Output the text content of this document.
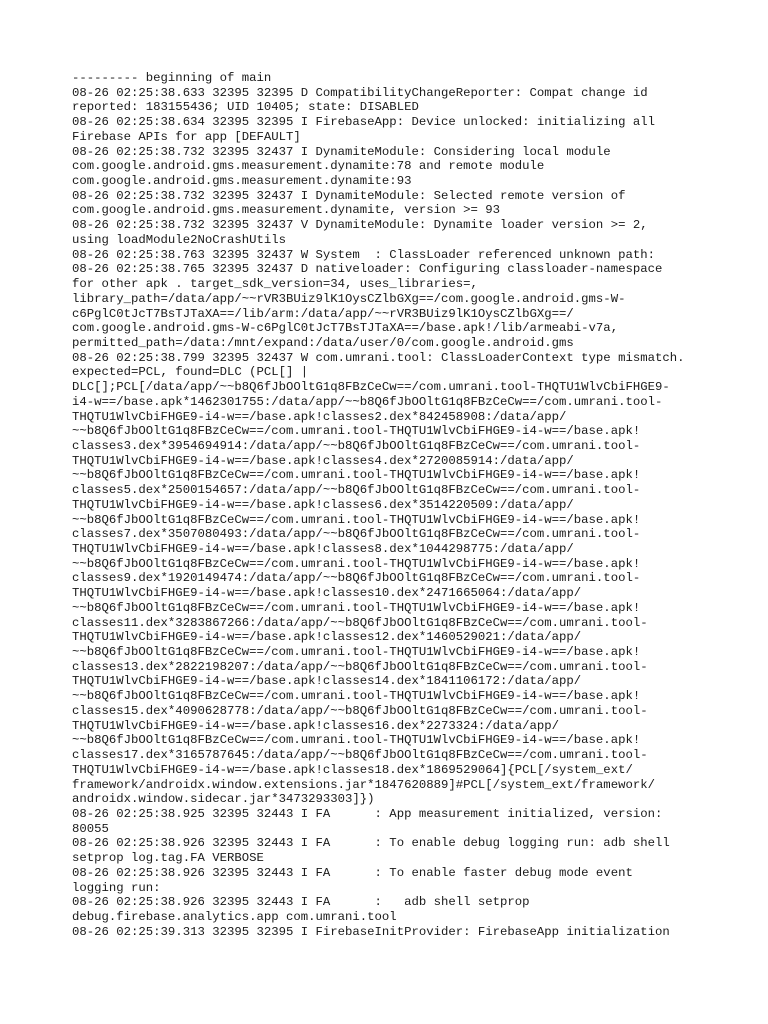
--------- beginning of main
08-26 02:25:38.633 32395 32395 D CompatibilityChangeReporter: Compat change id
reported: 183155436; UID 10405; state: DISABLED
08-26 02:25:38.634 32395 32395 I FirebaseApp: Device unlocked: initializing all
Firebase APIs for app [DEFAULT]
08-26 02:25:38.732 32395 32437 I DynamiteModule: Considering local module
com.google.android.gms.measurement.dynamite:78 and remote module
com.google.android.gms.measurement.dynamite:93
08-26 02:25:38.732 32395 32437 I DynamiteModule: Selected remote version of
com.google.android.gms.measurement.dynamite, version >= 93
08-26 02:25:38.732 32395 32437 V DynamiteModule: Dynamite loader version >= 2,
using loadModule2NoCrashUtils
08-26 02:25:38.763 32395 32437 W System  : ClassLoader referenced unknown path:
08-26 02:25:38.765 32395 32437 D nativeloader: Configuring classloader-namespace
for other apk . target_sdk_version=34, uses_libraries=,
library_path=/data/app/~~rVR3BUiz9lK1OysCZlbGXg==/com.google.android.gms-W-
c6PglC0tJcT7BsTJTaXA==/lib/arm:/data/app/~~rVR3BUiz9lK1OysCZlbGXg==/
com.google.android.gms-W-c6PglC0tJcT7BsTJTaXA==/base.apk!/lib/armeabi-v7a,
permitted_path=/data:/mnt/expand:/data/user/0/com.google.android.gms
08-26 02:25:38.799 32395 32437 W com.umrani.tool: ClassLoaderContext type mismatch.
expected=PCL, found=DLC (PCL[] |
DLC[];PCL[/data/app/~~b8Q6fJbOOltG1q8FBzCeCw==/com.umrani.tool-THQTU1WlvCbiFHGE9-
i4-w==/base.apk*1462301755:/data/app/~~b8Q6fJbOOltG1q8FBzCeCw==/com.umrani.tool-
THQTU1WlvCbiFHGE9-i4-w==/base.apk!classes2.dex*842458908:/data/app/
~~b8Q6fJbOOltG1q8FBzCeCw==/com.umrani.tool-THQTU1WlvCbiFHGE9-i4-w==/base.apk!
classes3.dex*3954694914:/data/app/~~b8Q6fJbOOltG1q8FBzCeCw==/com.umrani.tool-
THQTU1WlvCbiFHGE9-i4-w==/base.apk!classes4.dex*2720085914:/data/app/
~~b8Q6fJbOOltG1q8FBzCeCw==/com.umrani.tool-THQTU1WlvCbiFHGE9-i4-w==/base.apk!
classes5.dex*2500154657:/data/app/~~b8Q6fJbOOltG1q8FBzCeCw==/com.umrani.tool-
THQTU1WlvCbiFHGE9-i4-w==/base.apk!classes6.dex*3514220509:/data/app/
~~b8Q6fJbOOltG1q8FBzCeCw==/com.umrani.tool-THQTU1WlvCbiFHGE9-i4-w==/base.apk!
classes7.dex*3507080493:/data/app/~~b8Q6fJbOOltG1q8FBzCeCw==/com.umrani.tool-
THQTU1WlvCbiFHGE9-i4-w==/base.apk!classes8.dex*1044298775:/data/app/
~~b8Q6fJbOOltG1q8FBzCeCw==/com.umrani.tool-THQTU1WlvCbiFHGE9-i4-w==/base.apk!
classes9.dex*1920149474:/data/app/~~b8Q6fJbOOltG1q8FBzCeCw==/com.umrani.tool-
THQTU1WlvCbiFHGE9-i4-w==/base.apk!classes10.dex*2471665064:/data/app/
~~b8Q6fJbOOltG1q8FBzCeCw==/com.umrani.tool-THQTU1WlvCbiFHGE9-i4-w==/base.apk!
classes11.dex*3283867266:/data/app/~~b8Q6fJbOOltG1q8FBzCeCw==/com.umrani.tool-
THQTU1WlvCbiFHGE9-i4-w==/base.apk!classes12.dex*1460529021:/data/app/
~~b8Q6fJbOOltG1q8FBzCeCw==/com.umrani.tool-THQTU1WlvCbiFHGE9-i4-w==/base.apk!
classes13.dex*2822198207:/data/app/~~b8Q6fJbOOltG1q8FBzCeCw==/com.umrani.tool-
THQTU1WlvCbiFHGE9-i4-w==/base.apk!classes14.dex*1841106172:/data/app/
~~b8Q6fJbOOltG1q8FBzCeCw==/com.umrani.tool-THQTU1WlvCbiFHGE9-i4-w==/base.apk!
classes15.dex*4090628778:/data/app/~~b8Q6fJbOOltG1q8FBzCeCw==/com.umrani.tool-
THQTU1WlvCbiFHGE9-i4-w==/base.apk!classes16.dex*2273324:/data/app/
~~b8Q6fJbOOltG1q8FBzCeCw==/com.umrani.tool-THQTU1WlvCbiFHGE9-i4-w==/base.apk!
classes17.dex*3165787645:/data/app/~~b8Q6fJbOOltG1q8FBzCeCw==/com.umrani.tool-
THQTU1WlvCbiFHGE9-i4-w==/base.apk!classes18.dex*1869529064]{PCL[/system_ext/
framework/androidx.window.extensions.jar*1847620889]#PCL[/system_ext/framework/
androidx.window.sidecar.jar*3473293303]})
08-26 02:25:38.925 32395 32443 I FA      : App measurement initialized, version:
80055
08-26 02:25:38.926 32395 32443 I FA      : To enable debug logging run: adb shell
setprop log.tag.FA VERBOSE
08-26 02:25:38.926 32395 32443 I FA      : To enable faster debug mode event
logging run:
08-26 02:25:38.926 32395 32443 I FA      :   adb shell setprop
debug.firebase.analytics.app com.umrani.tool
08-26 02:25:39.313 32395 32395 I FirebaseInitProvider: FirebaseApp initialization
